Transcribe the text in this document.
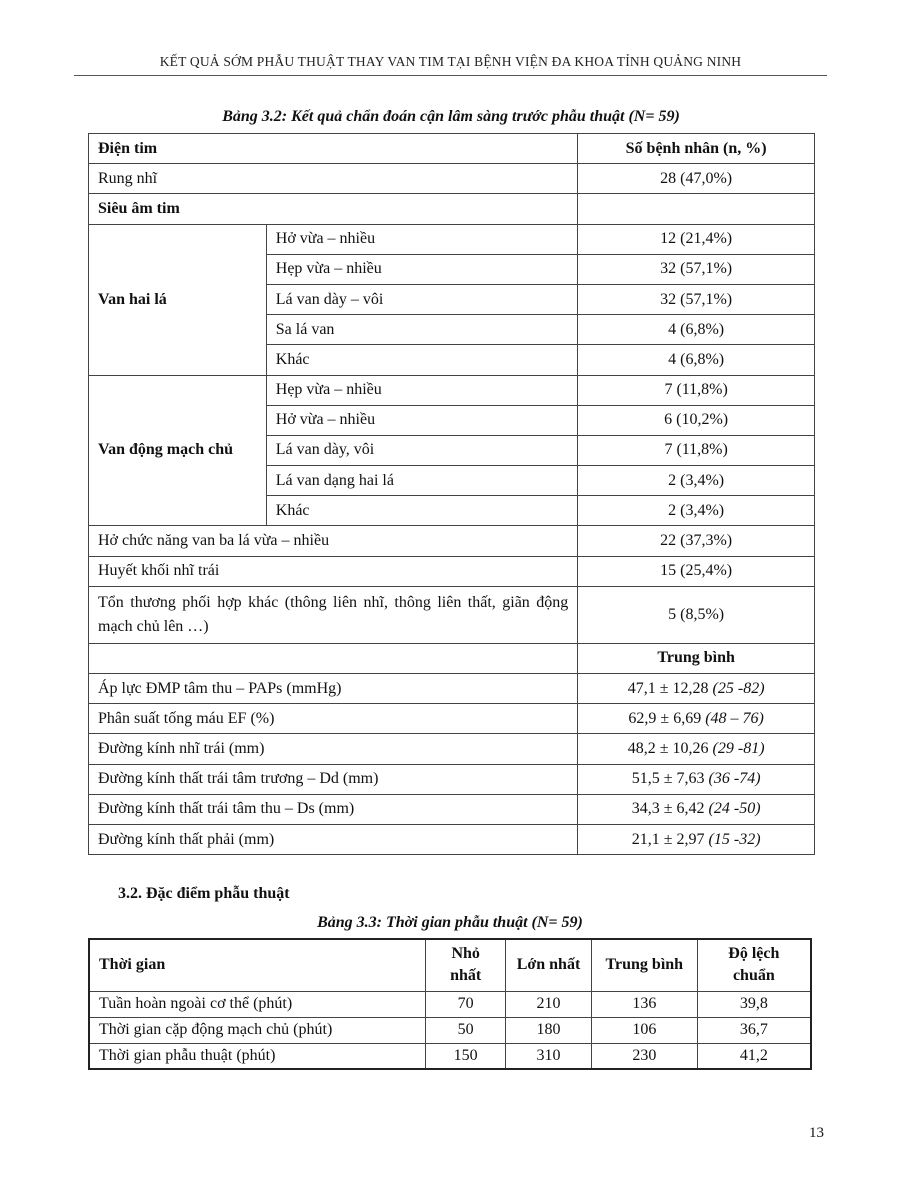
KẾT QUẢ SỚM PHẪU THUẬT THAY VAN TIM TẠI BỆNH VIỆN ĐA KHOA TỈNH QUẢNG NINH
Bảng 3.2: Kết quả chẩn đoán cận lâm sàng trước phẫu thuật (N= 59)
Điện tim		Số bệnh nhân (n, %)
Rung nhĩ		28 (47,0%)
Siêu âm tim		
Van hai lá	Hở vừa – nhiều	12 (21,4%)
	Hẹp vừa – nhiều	32 (57,1%)
	Lá van dày – vôi	32 (57,1%)
	Sa lá van	4 (6,8%)
	Khác	4 (6,8%)
Van động mạch chủ	Hẹp vừa – nhiều	7 (11,8%)
	Hở vừa – nhiều	6 (10,2%)
	Lá van dày, vôi	7 (11,8%)
	Lá van dạng hai lá	2 (3,4%)
	Khác	2 (3,4%)
Hở chức năng van ba lá vừa – nhiều		22 (37,3%)
Huyết khối nhĩ trái		15 (25,4%)
Tổn thương phối hợp khác (thông liên nhĩ, thông liên thất, giãn động mạch chủ lên …)		5 (8,5%)
		Trung bình
Áp lực ĐMP tâm thu – PAPs (mmHg)		47,1 ± 12,28 (25 -82)
Phân suất tống máu EF (%)		62,9 ± 6,69 (48 – 76)
Đường kính nhĩ trái (mm)		48,2 ± 10,26 (29 -81)
Đường kính thất trái tâm trương – Dd (mm)		51,5 ± 7,63 (36 -74)
Đường kính thất trái tâm thu – Ds (mm)		34,3 ± 6,42 (24 -50)
Đường kính thất phải (mm)		21,1 ± 2,97 (15 -32)
3.2. Đặc điểm phẫu thuật
Bảng 3.3: Thời gian phẫu thuật (N= 59)
Thời gian	Nhỏ nhất	Lớn nhất	Trung bình	Độ lệch chuẩn
Tuần hoàn ngoài cơ thể (phút)	70	210	136	39,8
Thời gian cặp động mạch chủ (phút)	50	180	106	36,7
Thời gian phẫu thuật (phút)	150	310	230	41,2
13
